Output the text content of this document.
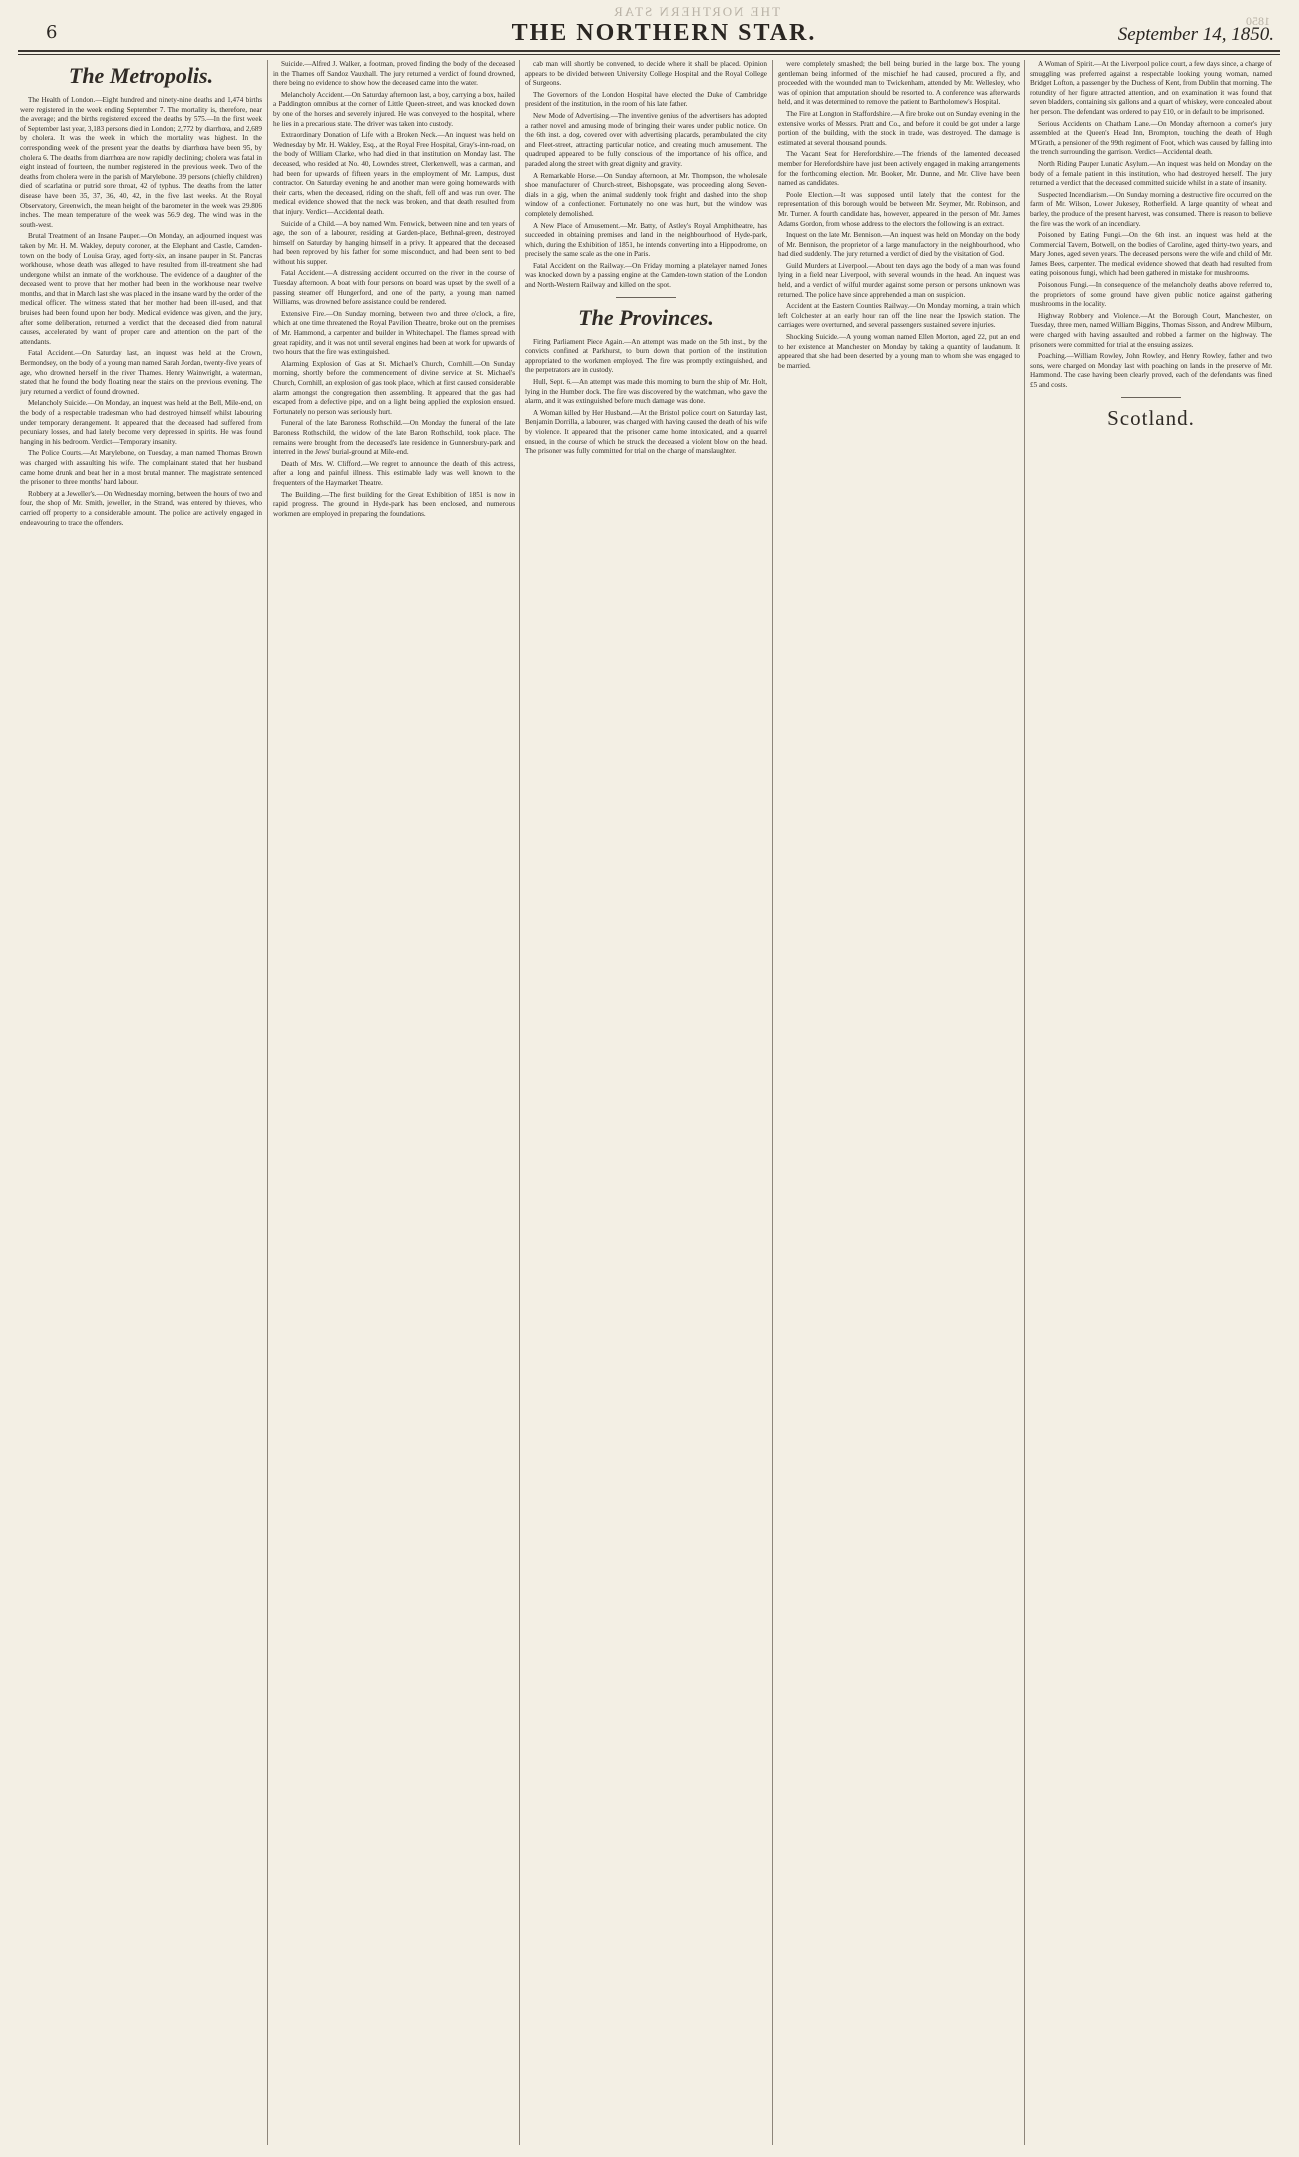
THE NORTHERN STAR
1850
6	THE NORTHERN STAR.	September 14, 1850.
The Metropolis.

The Health of London.—Eight hundred and ninety-nine deaths and 1,474 births were registered in the week ending September 7. The mortality is, therefore, near the average; and the births registered exceed the deaths by 575.—In the first week of September last year, 3,183 persons died in London; 2,772 by diarrhœa, and 2,689 by cholera. It was the week in which the mortality was highest. In the corresponding week of the present year the deaths by diarrhœa have been 95, by cholera 6. The deaths from diarrhœa are now rapidly declining; cholera was fatal in eight instead of fourteen, the number registered in the previous week. Two of the deaths from cholera were in the parish of Marylebone. 39 persons (chiefly children) died of scarlatina or putrid sore throat, 42 of typhus. The deaths from the latter disease have been 35, 37, 36, 40, 42, in the five last weeks. At the Royal Observatory, Greenwich, the mean height of the barometer in the week was 29.806 inches. The mean temperature of the week was 56.9 deg. The wind was in the south-west.

Brutal Treatment of an Insane Pauper.—On Monday, an adjourned inquest was taken by Mr. H. M. Wakley, deputy coroner, at the Elephant and Castle, Camden-town on the body of Louisa Gray, aged forty-six, an insane pauper in St. Pancras workhouse, whose death was alleged to have resulted from ill-treatment she had undergone whilst an inmate of the workhouse. The evidence of a daughter of the deceased went to prove that her mother had been in the workhouse near twelve months, and that in March last she was placed in the insane ward by the order of the medical officer. The witness stated that her mother had been ill-used, and that bruises had been found upon her body. Medical evidence was given, and the jury, after some deliberation, returned a verdict that the deceased died from natural causes, accelerated by want of proper care and attention on the part of the attendants.

Fatal Accident.—On Saturday last, an inquest was held at the Crown, Bermondsey, on the body of a young man named Sarah Jordan, twenty-five years of age, who drowned herself in the river Thames. Henry Wainwright, a waterman, stated that he found the body floating near the stairs on the previous evening. The jury returned a verdict of found drowned.

Melancholy Suicide.—On Monday, an inquest was held at the Bell, Mile-end, on the body of a respectable tradesman who had destroyed himself whilst labouring under temporary derangement. It appeared that the deceased had suffered from pecuniary losses, and had lately become very depressed in spirits. He was found hanging in his bedroom. Verdict—Temporary insanity.

The Police Courts.—At Marylebone, on Tuesday, a man named Thomas Brown was charged with assaulting his wife. The complainant stated that her husband came home drunk and beat her in a most brutal manner. The magistrate sentenced the prisoner to three months' hard labour.

Robbery at a Jeweller's.—On Wednesday morning, between the hours of two and four, the shop of Mr. Smith, jeweller, in the Strand, was entered by thieves, who carried off property to a considerable amount. The police are actively engaged in endeavouring to trace the offenders.

Suicide.—Alfred J. Walker, a footman, proved finding the body of the deceased in the Thames off Sandoz Vauxhall. The jury returned a verdict of found drowned, there being no evidence to show how the deceased came into the water.

Melancholy Accident.—On Saturday afternoon last, a boy, carrying a box, hailed a Paddington omnibus at the corner of Little Queen-street, and was knocked down by one of the horses and severely injured. He was conveyed to the hospital, where he lies in a precarious state. The driver was taken into custody.

Extraordinary Donation of Life with a Broken Neck.—An inquest was held on Wednesday by Mr. H. Wakley, Esq., at the Royal Free Hospital, Gray's-inn-road, on the body of William Clarke, who had died in that institution on Monday last. The deceased, who resided at No. 40, Lowndes street, Clerkenwell, was a carman, and had been for upwards of fifteen years in the employment of Mr. Lampus, dust contractor. On Saturday evening he and another man were going homewards with their carts, when the deceased, riding on the shaft, fell off and was run over. The medical evidence showed that the neck was broken, and that death resulted from that injury. Verdict—Accidental death.

Suicide of a Child.—A boy named Wm. Fenwick, between nine and ten years of age, the son of a labourer, residing at Garden-place, Bethnal-green, destroyed himself on Saturday by hanging himself in a privy. It appeared that the deceased had been reproved by his father for some misconduct, and had been sent to bed without his supper.

Fatal Accident.—A distressing accident occurred on the river in the course of Tuesday afternoon. A boat with four persons on board was upset by the swell of a passing steamer off Hungerford, and one of the party, a young man named Williams, was drowned before assistance could be rendered.

Extensive Fire.—On Sunday morning, between two and three o'clock, a fire, which at one time threatened the Royal Pavilion Theatre, broke out on the premises of Mr. Hammond, a carpenter and builder in Whitechapel. The flames spread with great rapidity, and it was not until several engines had been at work for upwards of two hours that the fire was extinguished.

Alarming Explosion of Gas at St. Michael's Church, Cornhill.—On Sunday morning, shortly before the commencement of divine service at St. Michael's Church, Cornhill, an explosion of gas took place, which at first caused considerable alarm amongst the congregation then assembling. It appeared that the gas had escaped from a defective pipe, and on a light being applied the explosion ensued. Fortunately no person was seriously hurt.

Funeral of the late Baroness Rothschild.—On Monday the funeral of the late Baroness Rothschild, the widow of the late Baron Rothschild, took place. The remains were brought from the deceased's late residence in Gunnersbury-park and interred in the Jews' burial-ground at Mile-end.

Death of Mrs. W. Clifford.—We regret to announce the death of this actress, after a long and painful illness. This estimable lady was well known to the frequenters of the Haymarket Theatre.

The Building.—The first building for the Great Exhibition of 1851 is now in rapid progress. The ground in Hyde-park has been enclosed, and numerous workmen are employed in preparing the foundations.

cab man will shortly be convened, to decide where it shall be placed. Opinion appears to be divided between University College Hospital and the Royal College of Surgeons.

The Governors of the London Hospital have elected the Duke of Cambridge president of the institution, in the room of his late father.

New Mode of Advertising.—The inventive genius of the advertisers has adopted a rather novel and amusing mode of bringing their wares under public notice. On the 6th inst. a dog, covered over with advertising placards, perambulated the city and Fleet-street, attracting particular notice, and creating much amusement. The quadruped appeared to be fully conscious of the importance of his office, and paraded along the street with great dignity and gravity.

A Remarkable Horse.—On Sunday afternoon, at Mr. Thompson, the wholesale shoe manufacturer of Church-street, Bishopsgate, was proceeding along Seven-dials in a gig, when the animal suddenly took fright and dashed into the shop window of a confectioner. Fortunately no one was hurt, but the window was completely demolished.

A New Place of Amusement.—Mr. Batty, of Astley's Royal Amphitheatre, has succeeded in obtaining premises and land in the neighbourhood of Hyde-park, which, during the Exhibition of 1851, he intends converting into a Hippodrome, on precisely the same scale as the one in Paris.

Fatal Accident on the Railway.—On Friday morning a platelayer named Jones was knocked down by a passing engine at the Camden-town station of the London and North-Western Railway and killed on the spot.

The Provinces.

Firing Parliament Piece Again.—An attempt was made on the 5th inst., by the convicts confined at Parkhurst, to burn down that portion of the institution appropriated to the workmen employed. The fire was promptly extinguished, and the perpetrators are in custody.

Hull, Sept. 6.—An attempt was made this morning to burn the ship of Mr. Holt, lying in the Humber dock. The fire was discovered by the watchman, who gave the alarm, and it was extinguished before much damage was done.

A Woman killed by Her Husband.—At the Bristol police court on Saturday last, Benjamin Dorrilla, a labourer, was charged with having caused the death of his wife by violence. It appeared that the prisoner came home intoxicated, and a quarrel ensued, in the course of which he struck the deceased a violent blow on the head. The prisoner was fully committed for trial on the charge of manslaughter.

were completely smashed; the bell being buried in the large box. The young gentleman being informed of the mischief he had caused, procured a fly, and proceeded with the wounded man to Twickenham, attended by Mr. Wellesley, who was of opinion that amputation should be resorted to. A conference was afterwards held, and it was determined to remove the patient to Bartholomew's Hospital.

The Fire at Longton in Staffordshire.—A fire broke out on Sunday evening in the extensive works of Messrs. Pratt and Co., and before it could be got under a large portion of the building, with the stock in trade, was destroyed. The damage is estimated at several thousand pounds.

The Vacant Seat for Herefordshire.—The friends of the lamented deceased member for Herefordshire have just been actively engaged in making arrangements for the forthcoming election. Mr. Booker, Mr. Dunne, and Mr. Clive have been named as candidates.

Poole Election.—It was supposed until lately that the contest for the representation of this borough would be between Mr. Seymer, Mr. Robinson, and Mr. Turner. A fourth candidate has, however, appeared in the person of Mr. James Adams Gordon, from whose address to the electors the following is an extract.

Inquest on the late Mr. Bennison.—An inquest was held on Monday on the body of Mr. Bennison, the proprietor of a large manufactory in the neighbourhood, who had died suddenly. The jury returned a verdict of died by the visitation of God.

Guild Murders at Liverpool.—About ten days ago the body of a man was found lying in a field near Liverpool, with several wounds in the head. An inquest was held, and a verdict of wilful murder against some person or persons unknown was returned. The police have since apprehended a man on suspicion.

Accident at the Eastern Counties Railway.—On Monday morning, a train which left Colchester at an early hour ran off the line near the Ipswich station. The carriages were overturned, and several passengers sustained severe injuries.

Shocking Suicide.—A young woman named Ellen Morton, aged 22, put an end to her existence at Manchester on Monday by taking a quantity of laudanum. It appeared that she had been deserted by a young man to whom she was engaged to be married.

A Woman of Spirit.—At the Liverpool police court, a few days since, a charge of smuggling was preferred against a respectable looking young woman, named Bridget Lofton, a passenger by the Duchess of Kent, from Dublin that morning. The rotundity of her figure attracted attention, and on examination it was found that seven bladders, containing six gallons and a quart of whiskey, were concealed about her person. The defendant was ordered to pay £10, or in default to be imprisoned.

Serious Accidents on Chatham Lane.—On Monday afternoon a corner's jury assembled at the Queen's Head Inn, Brompton, touching the death of Hugh M'Grath, a pensioner of the 99th regiment of Foot, which was caused by falling into the trench surrounding the garrison. Verdict—Accidental death.

North Riding Pauper Lunatic Asylum.—An inquest was held on Monday on the body of a female patient in this institution, who had destroyed herself. The jury returned a verdict that the deceased committed suicide whilst in a state of insanity.

Suspected Incendiarism.—On Sunday morning a destructive fire occurred on the farm of Mr. Wilson, Lower Jukesey, Rotherfield. A large quantity of wheat and barley, the produce of the present harvest, was consumed. There is reason to believe the fire was the work of an incendiary.

Poisoned by Eating Fungi.—On the 6th inst. an inquest was held at the Commercial Tavern, Botwell, on the bodies of Caroline, aged thirty-two years, and Mary Jones, aged seven years. The deceased persons were the wife and child of Mr. James Bees, carpenter. The medical evidence showed that death had resulted from eating poisonous fungi, which had been gathered in mistake for mushrooms.

Poisonous Fungi.—In consequence of the melancholy deaths above referred to, the proprietors of some ground have given public notice against gathering mushrooms in the locality.

Highway Robbery and Violence.—At the Borough Court, Manchester, on Tuesday, three men, named William Biggins, Thomas Sisson, and Andrew Milburn, were charged with having assaulted and robbed a farmer on the highway. The prisoners were committed for trial at the ensuing assizes.

Poaching.—William Rowley, John Rowley, and Henry Rowley, father and two sons, were charged on Monday last with poaching on lands in the preserve of Mr. Hammond. The case having been clearly proved, each of the defendants was fined £5 and costs.

Scotland.
